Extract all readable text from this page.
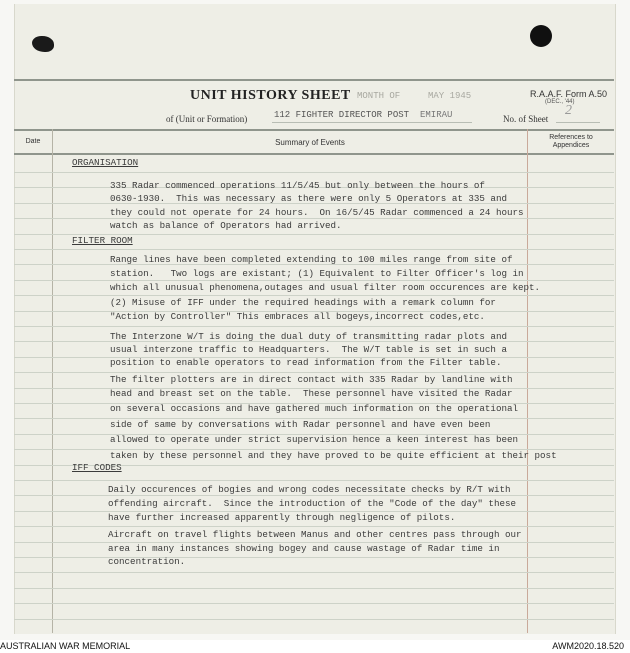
UNIT HISTORY SHEET MONTH OF	MAY 1945	R.A.A.F. Form A.50
(DEC., '44)
of (Unit or Formation)	112 FIGHTER DIRECTOR POST EMIRAU	No. of Sheet
2
Date	Summary of Events
References to
Appendices
ORGANISATION
335 Radar commenced operations 11/5/45 but only between the hours of
0630-1930.  This was necessary as there were only 5 Operators at 335 and
they could not operate for 24 hours.  On 16/5/45 Radar commenced a 24 hours
watch as balance of Operators had arrived.
FILTER ROOM
Range lines have been completed extending to 100 miles range from site of
station.   Two logs are existant; (1) Equivalent to Filter Officer's log in
which all unusual phenomena,outages and usual filter room occurences are kept.
(2) Misuse of IFF under the required headings with a remark column for
"Action by Controller" This embraces all bogeys,incorrect codes,etc.
The Interzone W/T is doing the dual duty of transmitting radar plots and
usual interzone traffic to Headquarters.  The W/T table is set in such a
position to enable operators to read information from the Filter table.
The filter plotters are in direct contact with 335 Radar by landline with
head and breast set on the table.  These personnel have visited the Radar
on several occasions and have gathered much information on the operational
side of same by conversations with Radar personnel and have even been
allowed to operate under strict supervision hence a keen interest has been
taken by these personnel and they have proved to be quite efficient at their post
IFF CODES
Daily occurences of bogies and wrong codes necessitate checks by R/T with
offending aircraft.  Since the introduction of the "Code of the day" these
have further increased apparently through negligence of pilots.
Aircraft on travel flights between Manus and other centres pass through our
area in many instances showing bogey and cause wastage of Radar time in
concentration.
AUSTRALIAN WAR MEMORIAL	AWM2020.18.520
